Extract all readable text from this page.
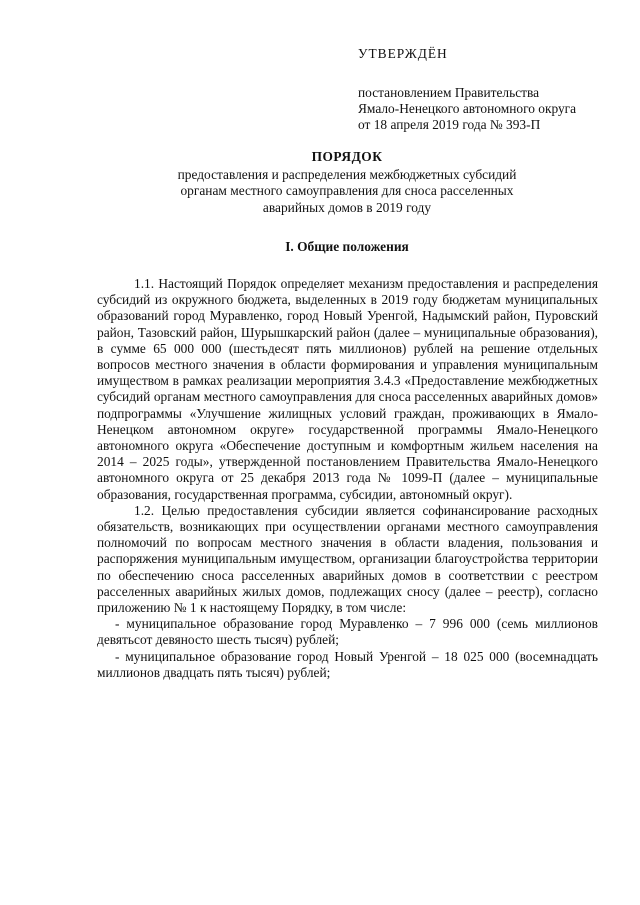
УТВЕРЖДЁН
постановлением Правительства
Ямало-Ненецкого автономного округа
от 18 апреля 2019 года № 393-П
ПОРЯДОК
предоставления и распределения межбюджетных субсидий
органам местного самоуправления для сноса расселенных
аварийных домов в 2019 году
I. Общие положения

1.1. Настоящий Порядок определяет механизм предоставления и распределения субсидий из окружного бюджета, выделенных в 2019 году бюджетам муниципальных образований город Муравленко, город Новый Уренгой, Надымский район, Пуровский район, Тазовский район, Шурышкарский район (далее – муниципальные образования), в сумме 65 000 000 (шестьдесят пять миллионов) рублей на решение отдельных вопросов местного значения в области формирования и управления муниципальным имуществом в рамках реализации мероприятия 3.4.3 «Предоставление межбюджетных субсидий органам местного самоуправления для сноса расселенных аварийных домов» подпрограммы «Улучшение жилищных условий граждан, проживающих в Ямало-Ненецком автономном округе» государственной программы Ямало-Ненецкого автономного округа «Обеспечение доступным и комфортным жильем населения на 2014 – 2025 годы», утвержденной постановлением Правительства Ямало-Ненецкого автономного округа от 25 декабря 2013 года № 1099-П (далее – муниципальные образования, государственная программа, субсидии, автономный округ).

1.2. Целью предоставления субсидии является софинансирование расходных обязательств, возникающих при осуществлении органами местного самоуправления полномочий по вопросам местного значения в области владения, пользования и распоряжения муниципальным имуществом, организации благоустройства территории по обеспечению сноса расселенных аварийных домов в соответствии с реестром расселенных аварийных жилых домов, подлежащих сносу (далее – реестр), согласно приложению № 1 к настоящему Порядку, в том числе:

- муниципальное образование город Муравленко – 7 996 000 (семь миллионов девятьсот девяносто шесть тысяч) рублей;

- муниципальное образование город Новый Уренгой – 18 025 000 (восемнадцать миллионов двадцать пять тысяч) рублей;
